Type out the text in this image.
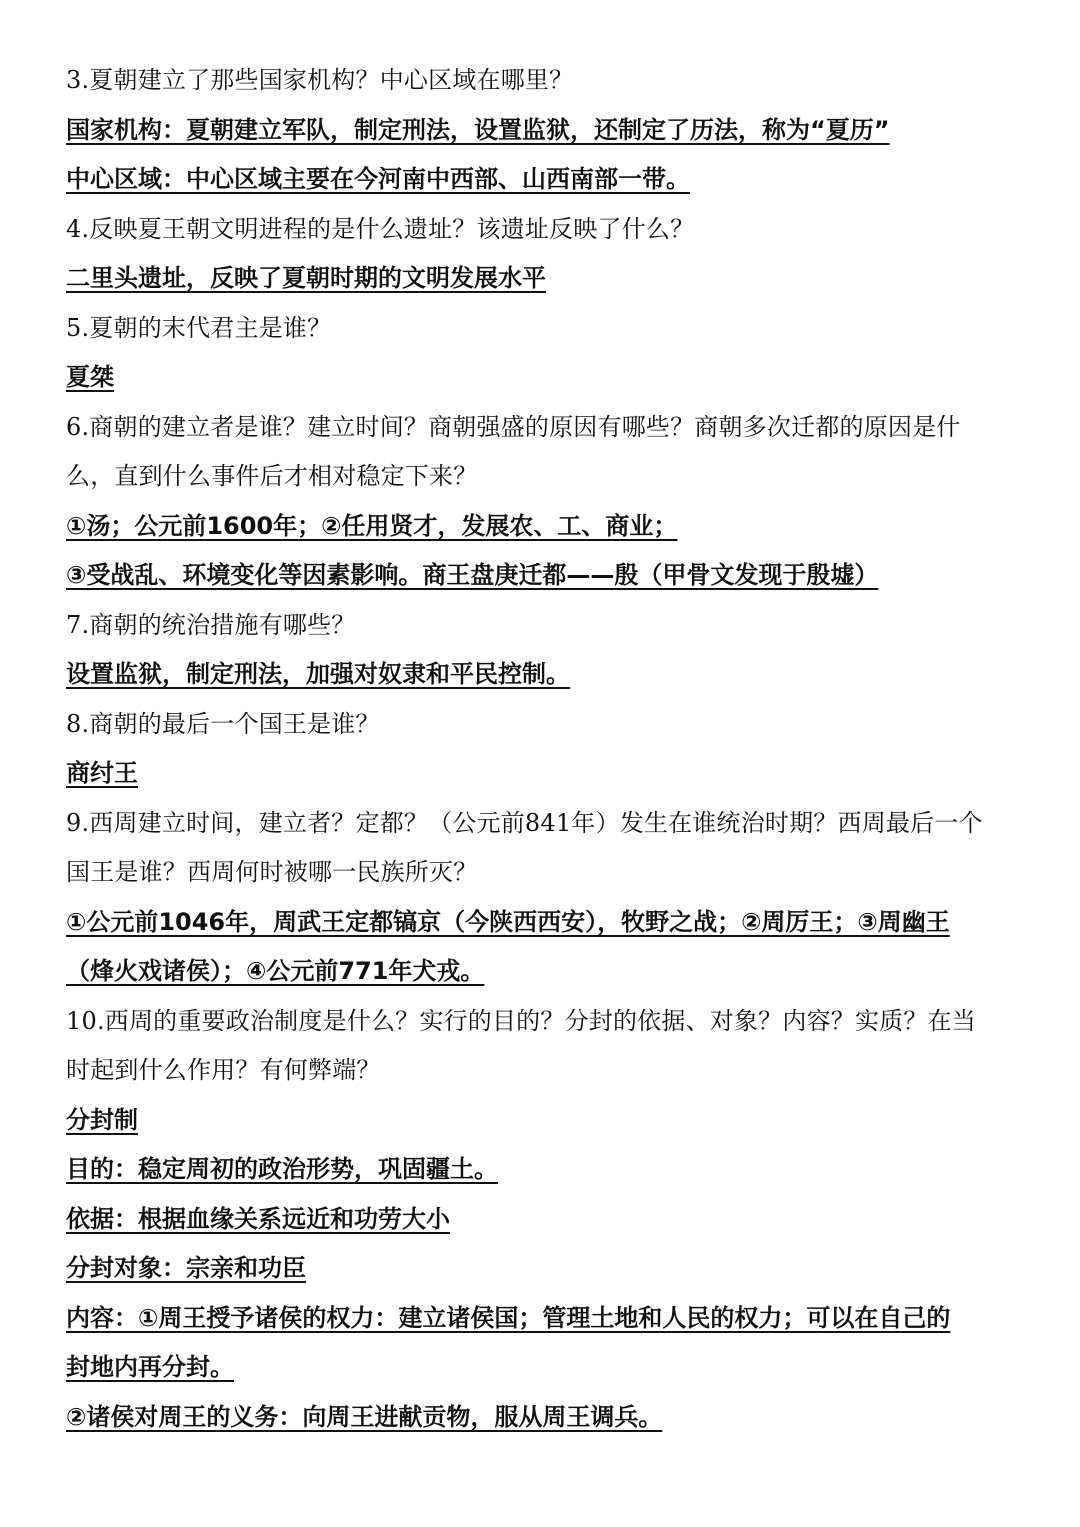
3.夏朝建立了那些国家机构？中心区域在哪里？

国家机构：夏朝建立军队，制定刑法，设置监狱，还制定了历法，称为“夏历”

中心区域：中心区域主要在今河南中西部、山西南部一带。

4.反映夏王朝文明进程的是什么遗址？该遗址反映了什么？

二里头遗址，反映了夏朝时期的文明发展水平

5.夏朝的末代君主是谁？

夏桀

6.商朝的建立者是谁？建立时间？商朝强盛的原因有哪些？商朝多次迁都的原因是什

么，直到什么事件后才相对稳定下来？

①汤；公元前1600年；②任用贤才，发展农、工、商业；

③受战乱、环境变化等因素影响。商王盘庚迁都——殷（甲骨文发现于殷墟）

7.商朝的统治措施有哪些？

设置监狱，制定刑法，加强对奴隶和平民控制。

8.商朝的最后一个国王是谁？

商纣王

9.西周建立时间，建立者？定都？（公元前841年）发生在谁统治时期？西周最后一个

国王是谁？西周何时被哪一民族所灭？

①公元前1046年，周武王定都镐京（今陕西西安），牧野之战；②周厉王；③周幽王

（烽火戏诸侯）；④公元前771年犬戎。

10.西周的重要政治制度是什么？实行的目的？分封的依据、对象？内容？实质？在当

时起到什么作用？有何弊端？

分封制

目的：稳定周初的政治形势，巩固疆土。

依据：根据血缘关系远近和功劳大小

分封对象：宗亲和功臣

内容：①周王授予诸侯的权力：建立诸侯国；管理土地和人民的权力；可以在自己的

封地内再分封。

②诸侯对周王的义务：向周王进献贡物，服从周王调兵。
